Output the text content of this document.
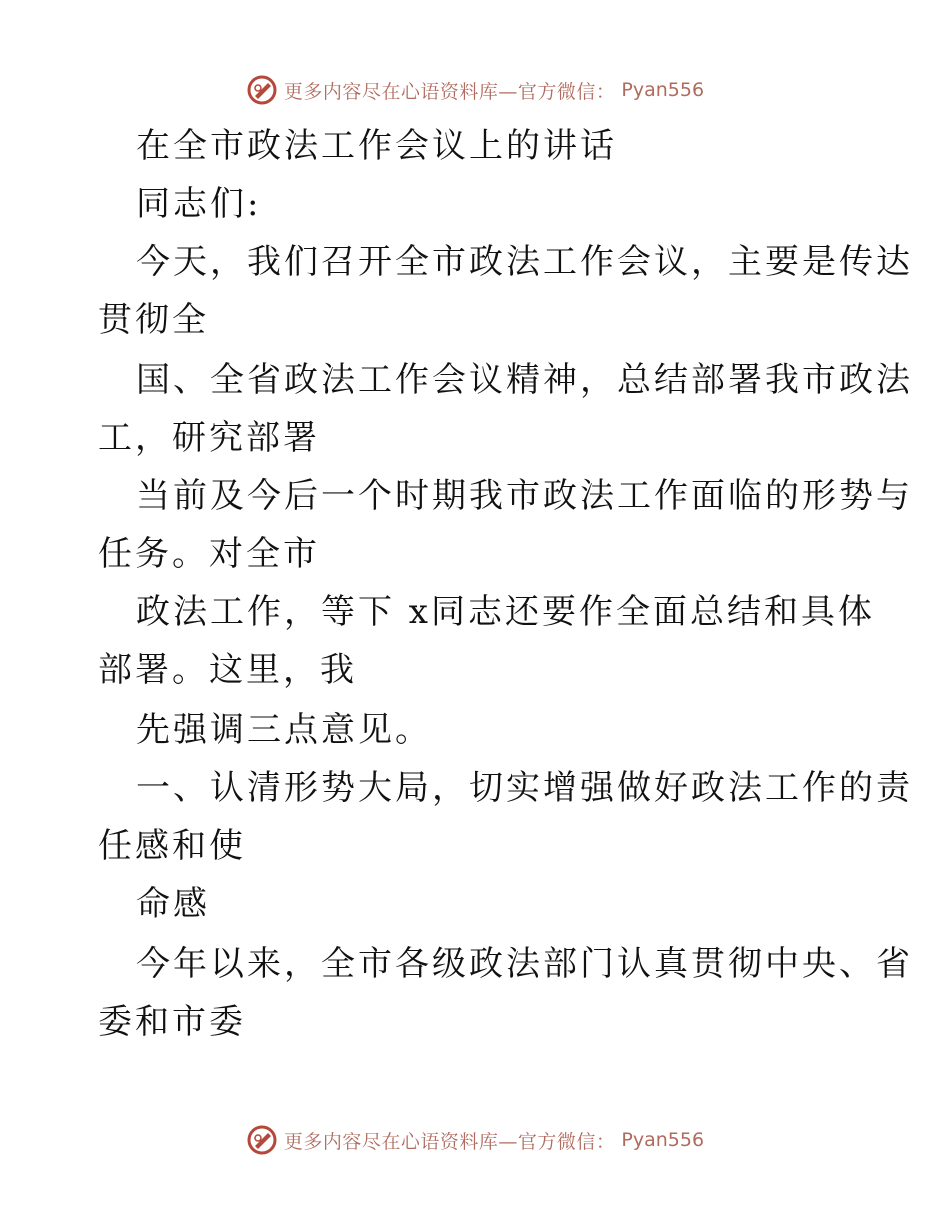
更多内容尽在心语资料库—官方微信： Pyan556
在全市政法工作会议上的讲话
同志们:
今天，我们召开全市政法工作会议，主要是传达
贯彻全
国、全省政法工作会议精神，总结部署我市政法
工，研究部署
当前及今后一个时期我市政法工作面临的形势与
任务。对全市
政法工作，等下 x同志还要作全面总结和具体
部署。这里，我
先强调三点意见。
一、认清形势大局，切实增强做好政法工作的责
任感和使
命感
今年以来，全市各级政法部门认真贯彻中央、省
委和市委
更多内容尽在心语资料库—官方微信： Pyan556
